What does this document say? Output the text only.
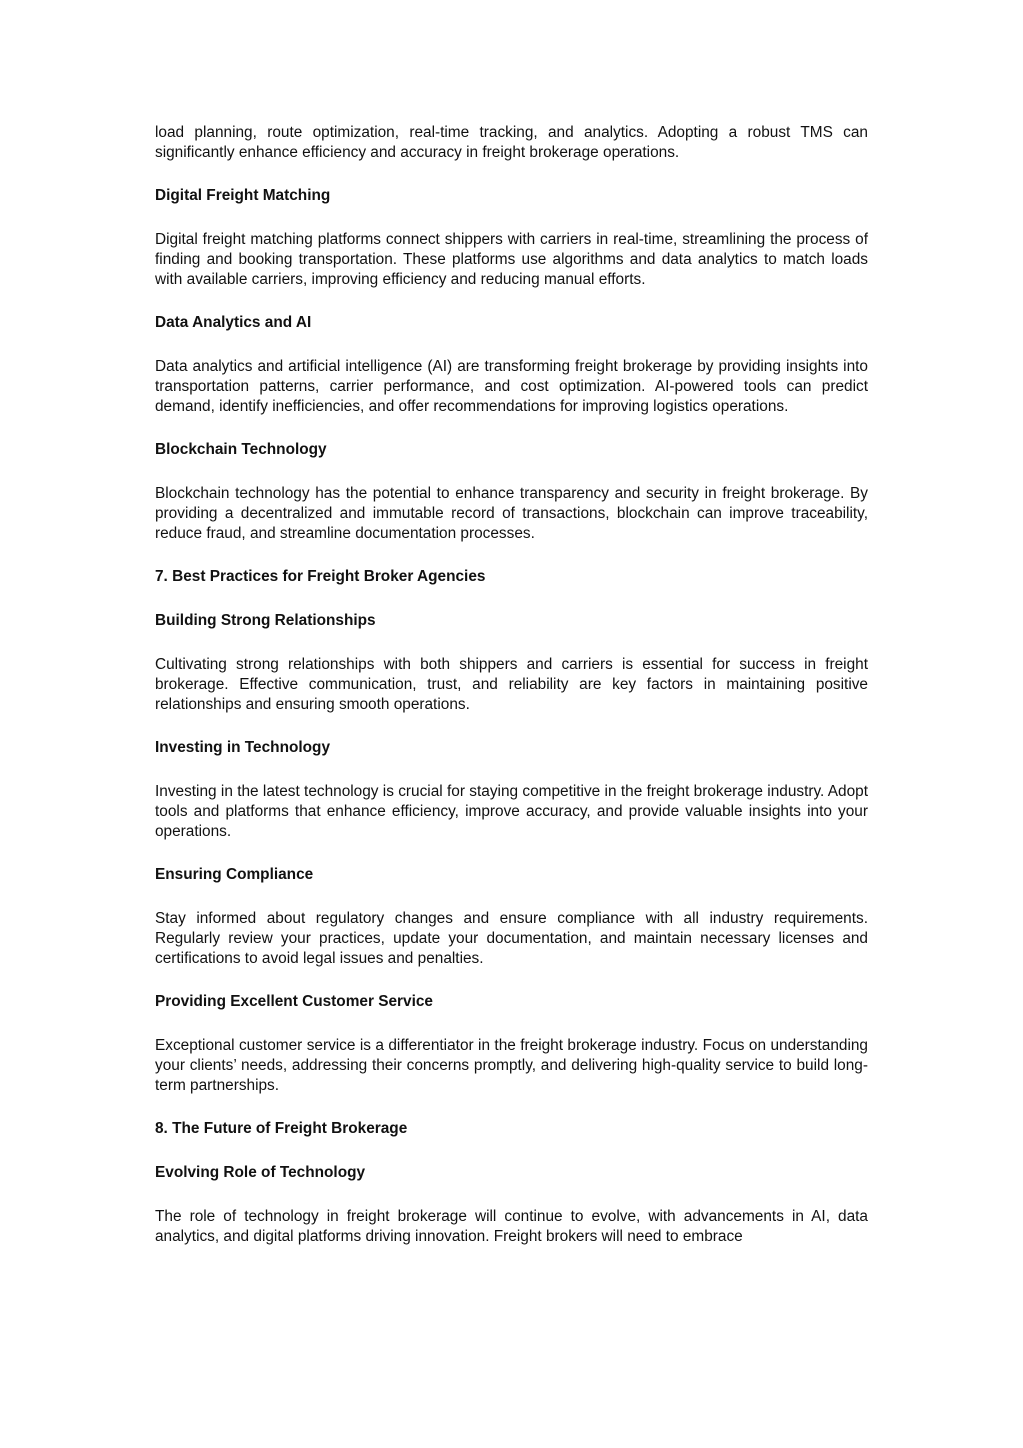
load planning, route optimization, real-time tracking, and analytics. Adopting a robust TMS can significantly enhance efficiency and accuracy in freight brokerage operations.

Digital Freight Matching

Digital freight matching platforms connect shippers with carriers in real-time, streamlining the process of finding and booking transportation. These platforms use algorithms and data analytics to match loads with available carriers, improving efficiency and reducing manual efforts.

Data Analytics and AI

Data analytics and artificial intelligence (AI) are transforming freight brokerage by providing insights into transportation patterns, carrier performance, and cost optimization. AI-powered tools can predict demand, identify inefficiencies, and offer recommendations for improving logistics operations.

Blockchain Technology

Blockchain technology has the potential to enhance transparency and security in freight brokerage. By providing a decentralized and immutable record of transactions, blockchain can improve traceability, reduce fraud, and streamline documentation processes.

7. Best Practices for Freight Broker Agencies
Building Strong Relationships

Cultivating strong relationships with both shippers and carriers is essential for success in freight brokerage. Effective communication, trust, and reliability are key factors in maintaining positive relationships and ensuring smooth operations.

Investing in Technology

Investing in the latest technology is crucial for staying competitive in the freight brokerage industry. Adopt tools and platforms that enhance efficiency, improve accuracy, and provide valuable insights into your operations.

Ensuring Compliance

Stay informed about regulatory changes and ensure compliance with all industry requirements. Regularly review your practices, update your documentation, and maintain necessary licenses and certifications to avoid legal issues and penalties.

Providing Excellent Customer Service

Exceptional customer service is a differentiator in the freight brokerage industry. Focus on understanding your clients’ needs, addressing their concerns promptly, and delivering high-quality service to build long-term partnerships.

8. The Future of Freight Brokerage
Evolving Role of Technology

The role of technology in freight brokerage will continue to evolve, with advancements in AI, data analytics, and digital platforms driving innovation. Freight brokers will need to embrace
